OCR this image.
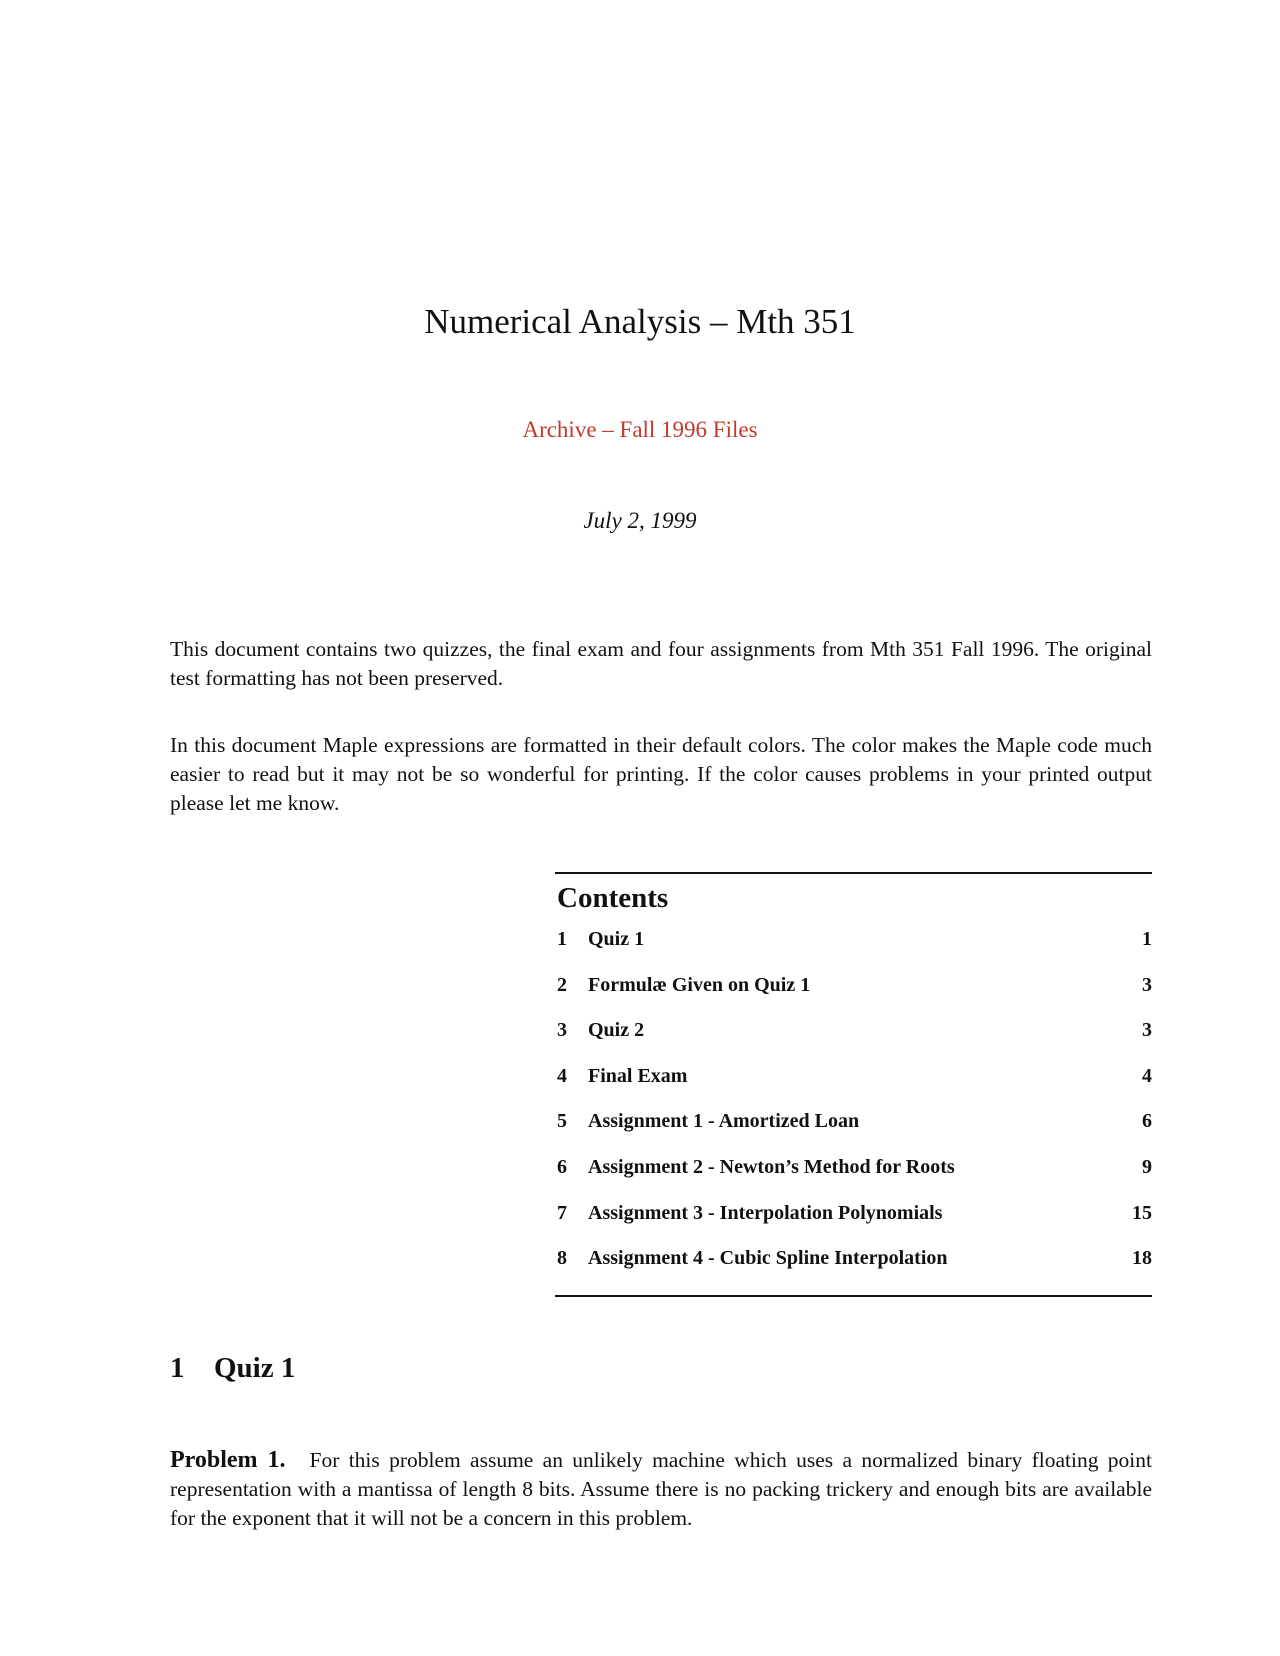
Numerical Analysis – Mth 351
Archive – Fall 1996 Files
July 2, 1999

This document contains two quizzes, the final exam and four assignments from Mth 351 Fall 1996. The original test formatting has not been preserved.

In this document Maple expressions are formatted in their default colors. The color makes the Maple code much easier to read but it may not be so wonderful for printing. If the color causes problems in your printed output please let me know.

Contents
1	Quiz 1	1
2	Formulæ Given on Quiz 1	3
3	Quiz 2	3
4	Final Exam	4
5	Assignment 1 - Amortized Loan	6
6	Assignment 2 - Newton’s Method for Roots	9
7	Assignment 3 - Interpolation Polynomials	15
8	Assignment 4 - Cubic Spline Interpolation	18
1 Quiz 1

Problem 1. For this problem assume an unlikely machine which uses a normalized binary floating point representation with a mantissa of length 8 bits. Assume there is no packing trickery and enough bits are available for the exponent that it will not be a concern in this problem.
